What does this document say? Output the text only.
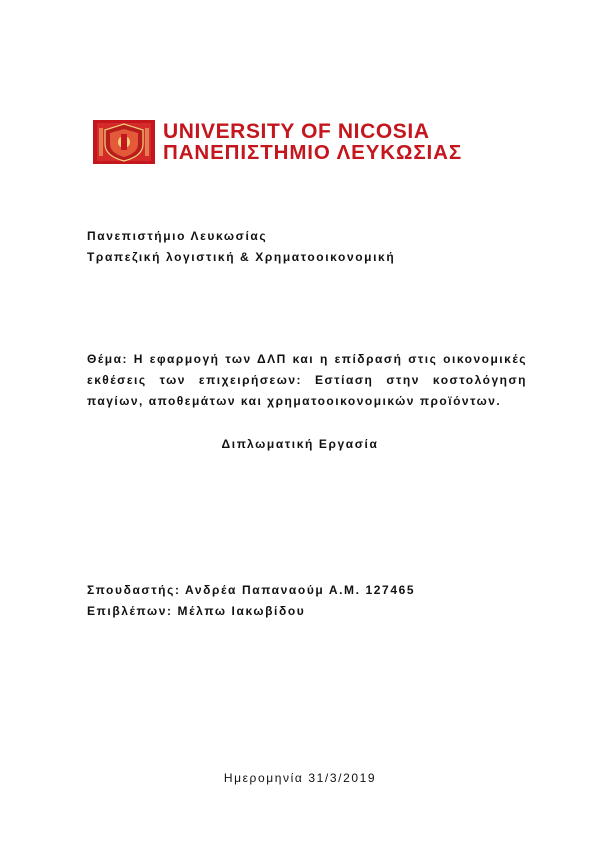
UNIVERSITY OF NICOSIA
ΠΑΝΕΠΙΣΤΗΜΙΟ ΛΕΥΚΩΣΙΑΣ
Πανεπιστήμιο Λευκωσίας
Τραπεζική λογιστική & Χρηματοοικονομική
Θέμα: Η εφαρμογή των ΔΛΠ και η επίδρασή στις οικονομικές εκθέσεις των επιχειρήσεων: Εστίαση στην κοστολόγηση παγίων, αποθεμάτων και χρηματοοικονομικών προϊόντων.
Διπλωματική Εργασία
Σπουδαστής: Ανδρέα Παπαναούμ Α.Μ. 127465
Επιβλέπων: Μέλπω Ιακωβίδου
Ημερομηνία 31/3/2019
